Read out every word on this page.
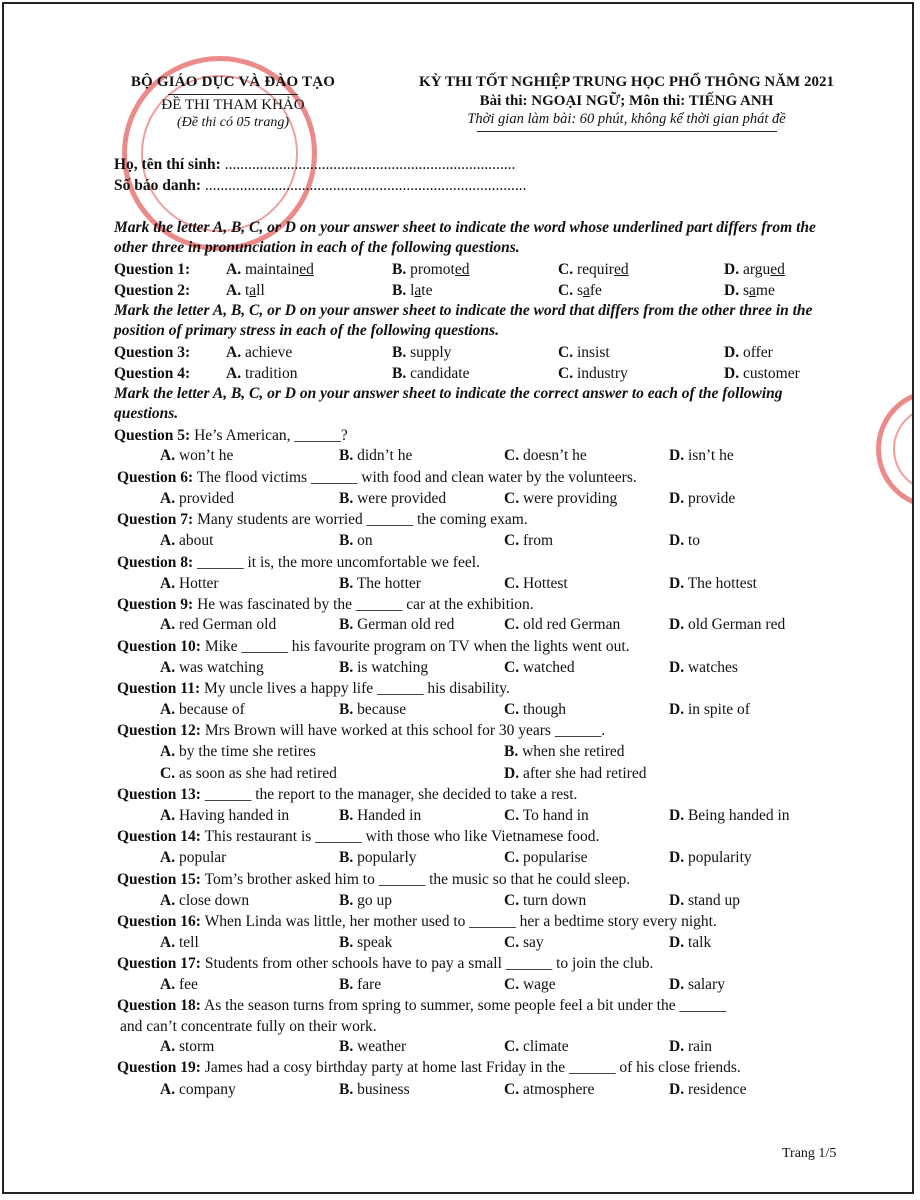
BỘ GIÁO DỤC VÀ ĐÀO TẠO
ĐỀ THI THAM KHẢO
(Đề thi có 05 trang)
KỲ THI TỐT NGHIỆP TRUNG HỌC PHỔ THÔNG NĂM 2021
Bài thi: NGOẠI NGỮ; Môn thi: TIẾNG ANH
Thời gian làm bài: 60 phút, không kể thời gian phát đề
Họ, tên thí sinh: ...........................................................................
Số báo danh: ...................................................................................
Mark the letter A, B, C, or D on your answer sheet to indicate the word whose underlined part differs from the other three in pronunciation in each of the following questions.
Mark the letter A, B, C, or D on your answer sheet to indicate the word that differs from the other three in the position of primary stress in each of the following questions.
Mark the letter A, B, C, or D on your answer sheet to indicate the correct answer to each of the following questions.
Question 1: A. maintained	B. promoted	C. required	D. argued
Question 2: A. tall	B. late	C. safe	D. same
Question 3: A. achieve	B. supply	C. insist	D. offer
Question 4: A. tradition	B. candidate	C. industry	D. customer
Question 5: He’s American, ______?
A. won’t he	B. didn’t he	C. doesn’t he	D. isn’t he
Question 6: The flood victims ______ with food and clean water by the volunteers.
A. provided	B. were provided	C. were providing	D. provide
Question 7: Many students are worried ______ the coming exam.
A. about	B. on	C. from	D. to
Question 8: ______ it is, the more uncomfortable we feel.
A. Hotter	B. The hotter	C. Hottest	D. The hottest
Question 9: He was fascinated by the ______ car at the exhibition.
A. red German old	B. German old red	C. old red German	D. old German red
Question 10: Mike ______ his favourite program on TV when the lights went out.
A. was watching	B. is watching	C. watched	D. watches
Question 11: My uncle lives a happy life ______ his disability.
A. because of	B. because	C. though	D. in spite of
Question 12: Mrs Brown will have worked at this school for 30 years ______.
A. by the time she retires	B. when she retired
C. as soon as she had retired	D. after she had retired
Question 13: ______ the report to the manager, she decided to take a rest.
A. Having handed in	B. Handed in	C. To hand in	D. Being handed in
Question 14: This restaurant is ______ with those who like Vietnamese food.
A. popular	B. popularly	C. popularise	D. popularity
Question 15: Tom’s brother asked him to ______ the music so that he could sleep.
A. close down	B. go up	C. turn down	D. stand up
Question 16: When Linda was little, her mother used to ______ her a bedtime story every night.
A. tell	B. speak	C. say	D. talk
Question 17: Students from other schools have to pay a small ______ to join the club.
A. fee	B. fare	C. wage	D. salary
Question 18: As the season turns from spring to summer, some people feel a bit under the ______
and can’t concentrate fully on their work.
A. storm	B. weather	C. climate	D. rain
Question 19: James had a cosy birthday party at home last Friday in the ______ of his close friends.
A. company	B. business	C. atmosphere	D. residence
Trang 1/5
